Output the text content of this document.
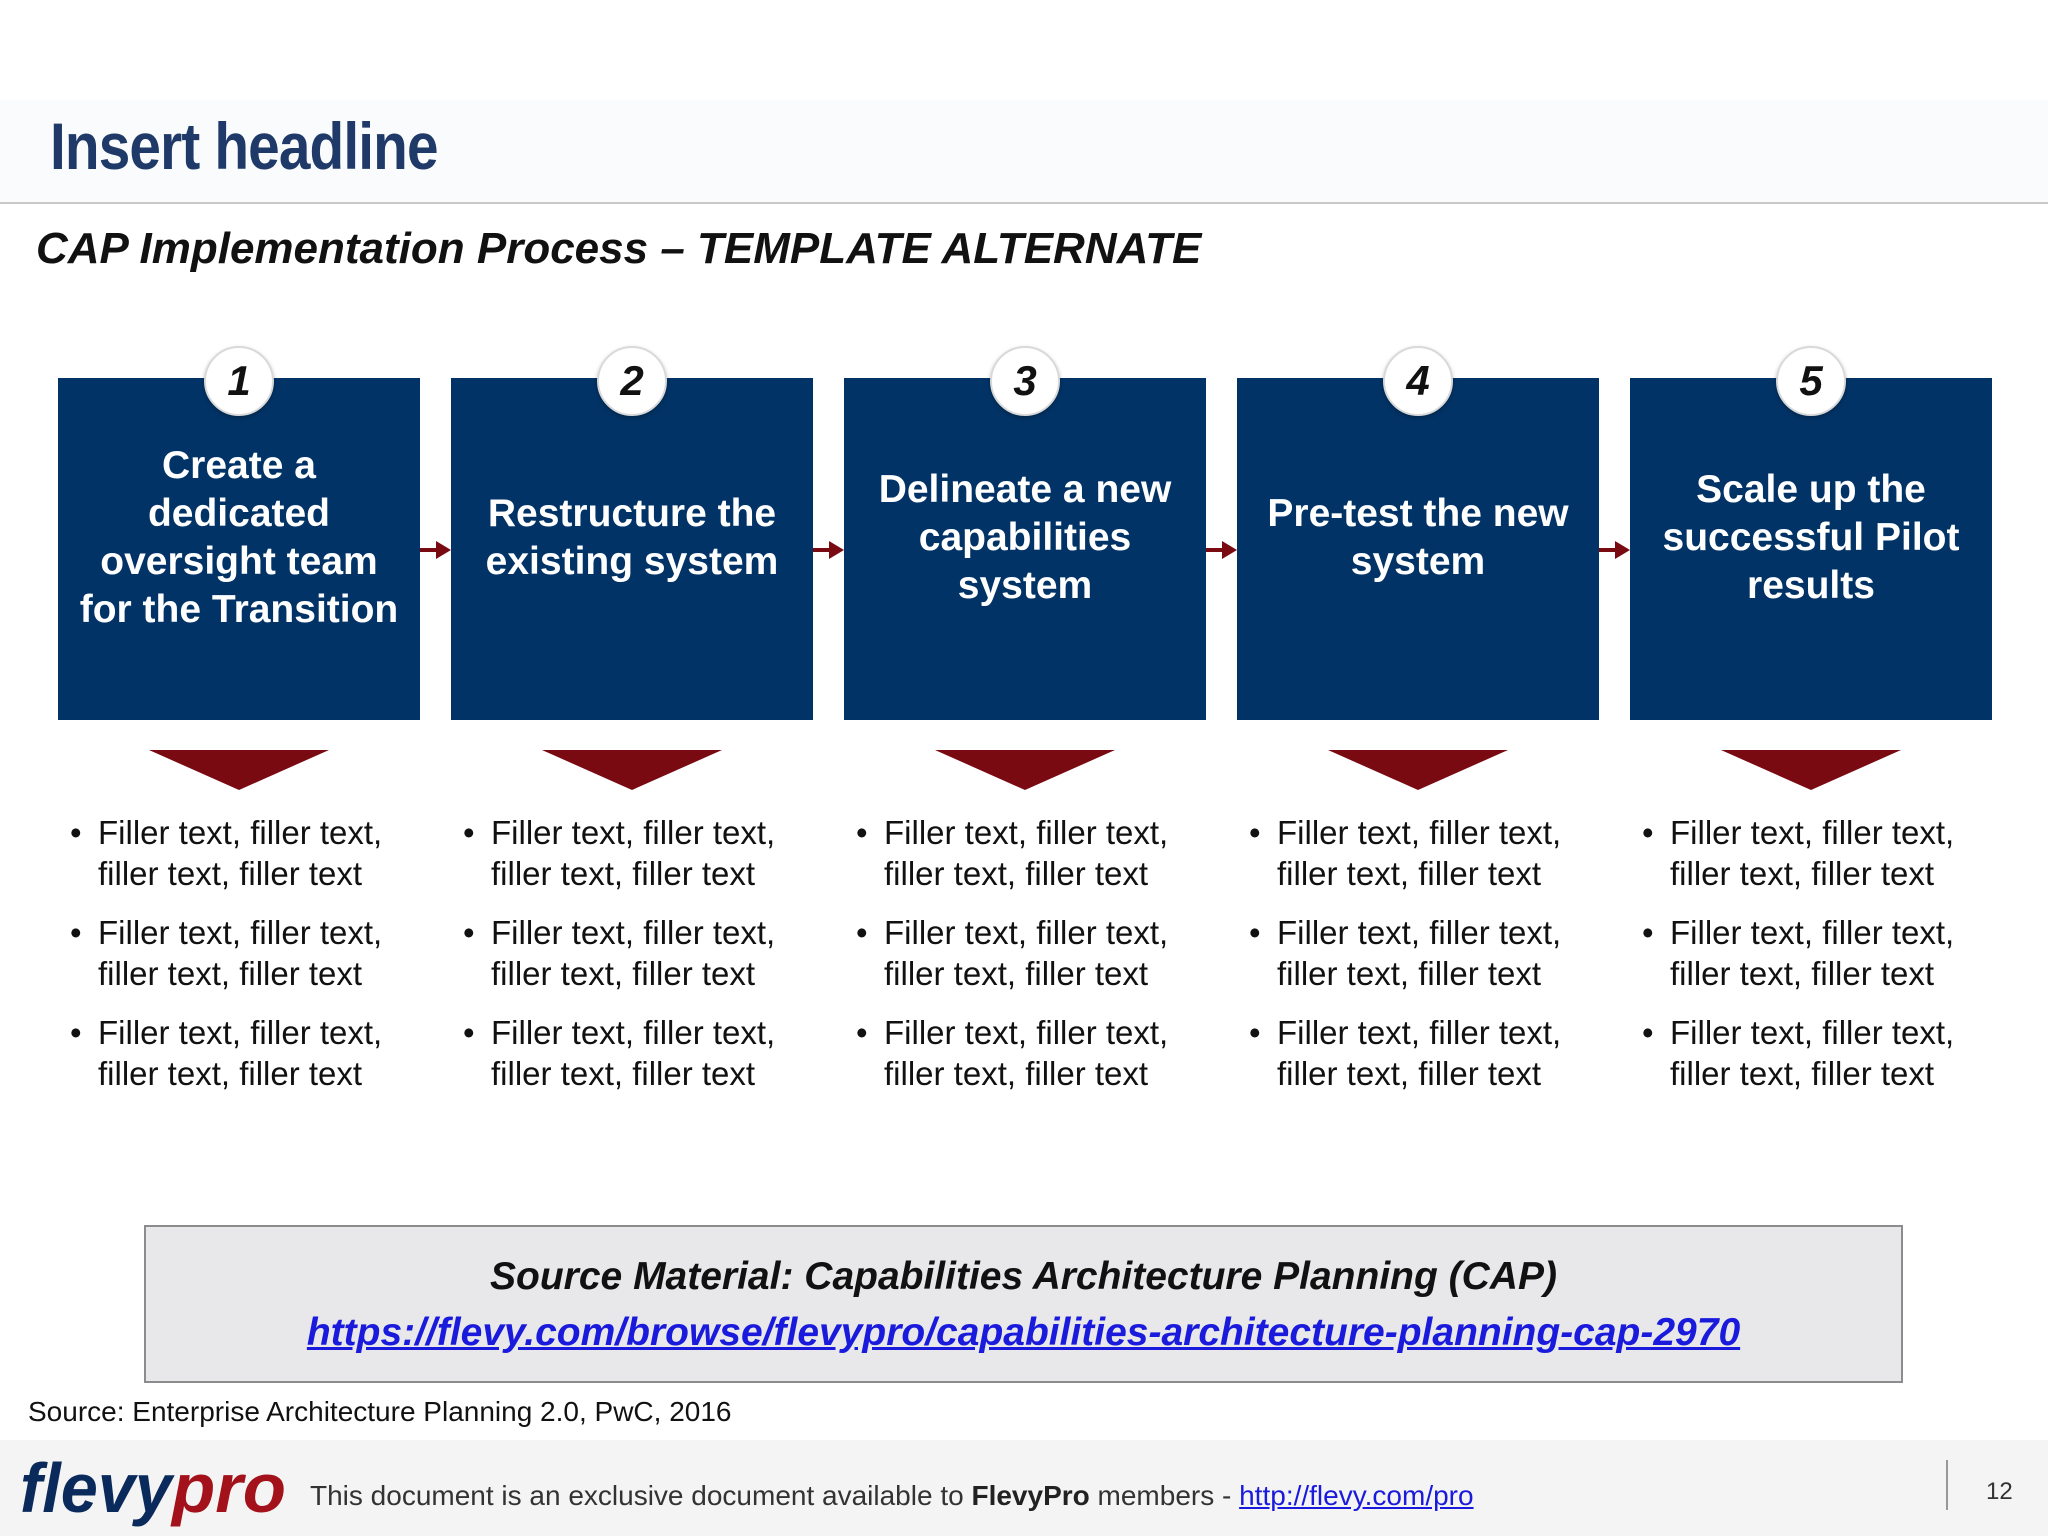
Insert headline
CAP Implementation Process – TEMPLATE ALTERNATE
Create a
dedicated
oversight team
for the Transition
1
Restructure the
existing system
2
Delineate a new
capabilities
system
3
Pre-test the new
system
4
Scale up the
successful Pilot
results
5
• Filler text, filler text, filler text, filler text
• Filler text, filler text, filler text, filler text
• Filler text, filler text, filler text, filler text
• Filler text, filler text, filler text, filler text
• Filler text, filler text, filler text, filler text
• Filler text, filler text, filler text, filler text
• Filler text, filler text, filler text, filler text
• Filler text, filler text, filler text, filler text
• Filler text, filler text, filler text, filler text
• Filler text, filler text, filler text, filler text
• Filler text, filler text, filler text, filler text
• Filler text, filler text, filler text, filler text
• Filler text, filler text, filler text, filler text
• Filler text, filler text, filler text, filler text
• Filler text, filler text, filler text, filler text
Source Material: Capabilities Architecture Planning (CAP)
https://flevy.com/browse/flevypro/capabilities-architecture-planning-cap-2970
Source: Enterprise Architecture Planning 2.0, PwC, 2016
flevy
pro This document is an exclusive document available to FlevyPro members - http://flevy.com/pro	12
